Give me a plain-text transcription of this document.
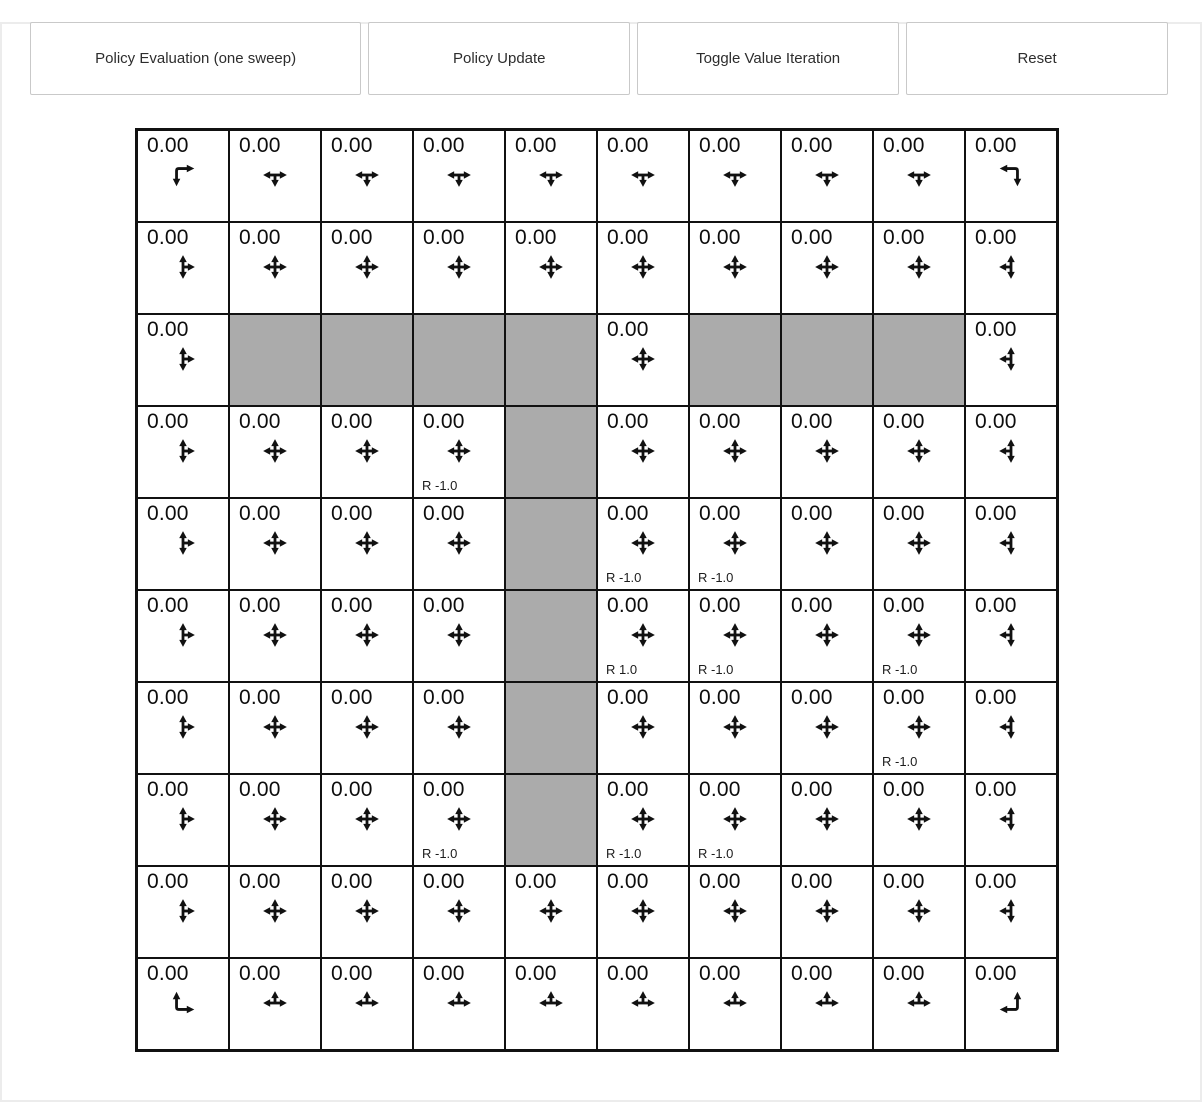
Policy Evaluation (one sweep)	Policy Update	Toggle Value Iteration	Reset
0.00 0.00 0.00 0.00 0.00 0.00 0.00 0.00 0.00 0.00
0.00 0.00 0.00 0.00 0.00 0.00 0.00 0.00 0.00 0.00
0.00	0.00	0.00
0.00 0.00 0.00 0.00
R -1.0
0.00 0.00 0.00 0.00 0.00
0.00 0.00 0.00 0.00	0.00
R -1.0
0.00
R -1.0
0.00 0.00 0.00
0.00 0.00 0.00 0.00	0.00
R 1.0
0.00
R -1.0
0.00 0.00
R -1.0
0.00
0.00 0.00 0.00 0.00	0.00 0.00 0.00 0.00
R -1.0
0.00
0.00 0.00 0.00 0.00
R -1.0
0.00
R -1.0
0.00
R -1.0
0.00 0.00 0.00
0.00 0.00 0.00 0.00 0.00 0.00 0.00 0.00 0.00 0.00
0.00 0.00 0.00 0.00 0.00 0.00 0.00 0.00 0.00 0.00
